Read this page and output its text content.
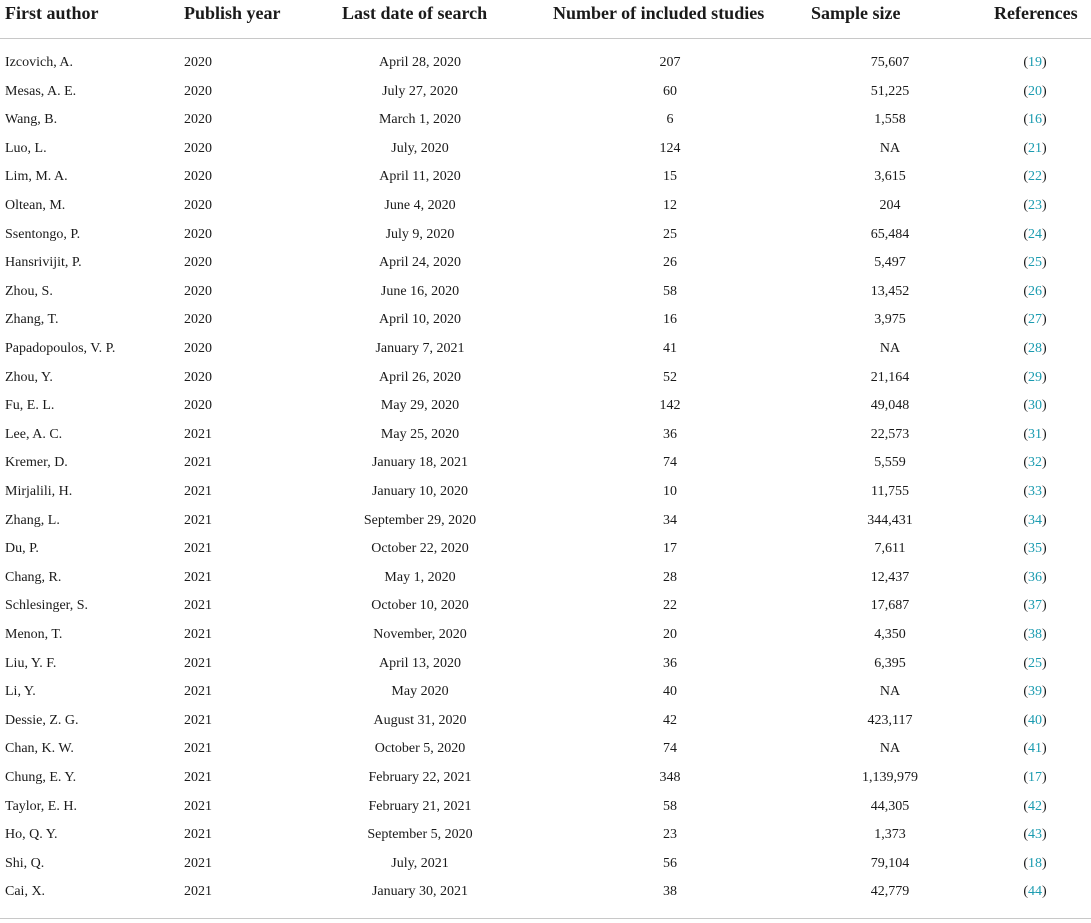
First author	Publish year	Last date of search	Number of included studies	Sample size	References
Izcovich, A.	2020	April 28, 2020	207	75,607	(19)
Mesas, A. E.	2020	July 27, 2020	60	51,225	(20)
Wang, B.	2020	March 1, 2020	6	1,558	(16)
Luo, L.	2020	July, 2020	124	NA	(21)
Lim, M. A.	2020	April 11, 2020	15	3,615	(22)
Oltean, M.	2020	June 4, 2020	12	204	(23)
Ssentongo, P.	2020	July 9, 2020	25	65,484	(24)
Hansrivijit, P.	2020	April 24, 2020	26	5,497	(25)
Zhou, S.	2020	June 16, 2020	58	13,452	(26)
Zhang, T.	2020	April 10, 2020	16	3,975	(27)
Papadopoulos, V. P.	2020	January 7, 2021	41	NA	(28)
Zhou, Y.	2020	April 26, 2020	52	21,164	(29)
Fu, E. L.	2020	May 29, 2020	142	49,048	(30)
Lee, A. C.	2021	May 25, 2020	36	22,573	(31)
Kremer, D.	2021	January 18, 2021	74	5,559	(32)
Mirjalili, H.	2021	January 10, 2020	10	11,755	(33)
Zhang, L.	2021	September 29, 2020	34	344,431	(34)
Du, P.	2021	October 22, 2020	17	7,611	(35)
Chang, R.	2021	May 1, 2020	28	12,437	(36)
Schlesinger, S.	2021	October 10, 2020	22	17,687	(37)
Menon, T.	2021	November, 2020	20	4,350	(38)
Liu, Y. F.	2021	April 13, 2020	36	6,395	(25)
Li, Y.	2021	May 2020	40	NA	(39)
Dessie, Z. G.	2021	August 31, 2020	42	423,117	(40)
Chan, K. W.	2021	October 5, 2020	74	NA	(41)
Chung, E. Y.	2021	February 22, 2021	348	1,139,979	(17)
Taylor, E. H.	2021	February 21, 2021	58	44,305	(42)
Ho, Q. Y.	2021	September 5, 2020	23	1,373	(43)
Shi, Q.	2021	July, 2021	56	79,104	(18)
Cai, X.	2021	January 30, 2021	38	42,779	(44)
